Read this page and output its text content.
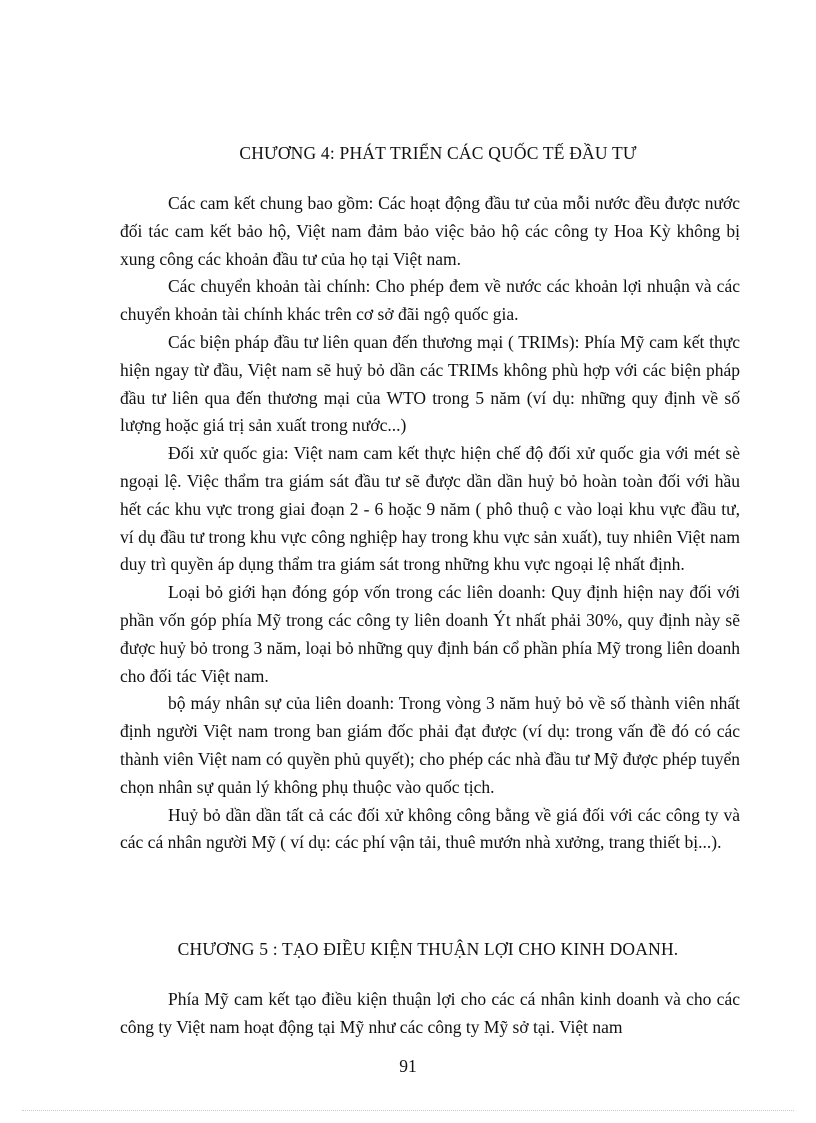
CHƯƠNG 4: PHÁT TRIỂN CÁC QUỐC TẾ ĐẦU TƯ

Các cam kết chung bao gồm: Các hoạt động đầu tư của mỗi nước đều được nước đối tác cam kết bảo hộ, Việt nam đảm bảo việc bảo hộ các công ty Hoa Kỳ không bị xung công các khoản đầu tư của họ tại Việt nam.

Các chuyển khoản tài chính: Cho phép đem về nước các khoản lợi nhuận và các chuyển khoản tài chính khác trên cơ sở đãi ngộ quốc gia.

Các biện pháp đầu tư liên quan đến thương mại ( TRIMs): Phía Mỹ cam kết thực hiện ngay từ đầu, Việt nam sẽ huỷ bỏ dần các TRIMs không phù hợp với các biện pháp đầu tư liên qua đến thương mại của WTO trong 5 năm (ví dụ: những quy định về số lượng hoặc giá trị sản xuất trong nước...)

Đối xử quốc gia: Việt nam cam kết thực hiện chế độ đối xử quốc gia với mét sè ngoại lệ. Việc thẩm tra giám sát đầu tư sẽ được dần dần huỷ bỏ hoàn toàn đối với hầu hết các khu vực trong giai đoạn 2 - 6 hoặc 9 năm ( phô thuộ c vào loại khu vực đầu tư, ví dụ đầu tư trong khu vực công nghiệp hay trong khu vực sản xuất), tuy nhiên Việt nam duy trì quyền áp dụng thẩm tra giám sát trong những khu vực ngoại lệ nhất định.

Loại bỏ giới hạn đóng góp vốn trong các liên doanh: Quy định hiện nay đối với phần vốn góp phía Mỹ trong các công ty liên doanh Ýt nhất phải 30%, quy định này sẽ được huỷ bỏ trong 3 năm, loại bỏ những quy định bán cổ phần phía Mỹ trong liên doanh cho đối tác Việt nam.

bộ máy nhân sự của liên doanh: Trong vòng 3 năm huỷ bỏ về số thành viên nhất định người Việt nam trong ban giám đốc phải đạt được (ví dụ: trong vấn đề đó có các thành viên Việt nam có quyền phủ quyết); cho phép các nhà đầu tư Mỹ được phép tuyển chọn nhân sự quản lý không phụ thuộc vào quốc tịch.

Huỷ bỏ dần dần tất cả các đối xử không công bằng về giá đối với các công ty và các cá nhân người Mỹ ( ví dụ: các phí vận tải, thuê mướn nhà xưởng, trang thiết bị...).

CHƯƠNG 5 : TẠO ĐIỀU KIỆN THUẬN LỢI CHO KINH DOANH.

Phía Mỹ cam kết tạo điều kiện thuận lợi cho các cá nhân kinh doanh và cho các công ty Việt nam hoạt động tại Mỹ như các công ty Mỹ sở tại. Việt nam

91
